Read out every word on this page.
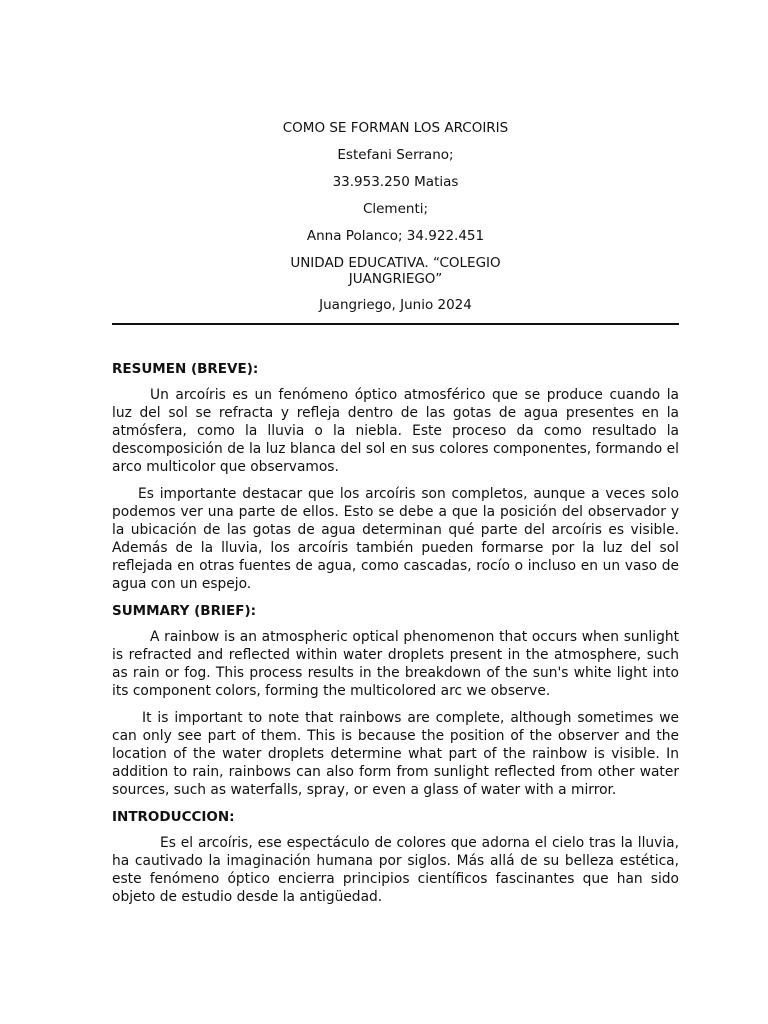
COMO SE FORMAN LOS ARCOIRIS
Estefani Serrano;
33.953.250 Matias
Clementi;
Anna Polanco; 34.922.451
UNIDAD EDUCATIVA. “COLEGIO JUANGRIEGO”
Juangriego, Junio 2024
RESUMEN (BREVE):

Un arcoíris es un fenómeno óptico atmosférico que se produce cuando la luz del sol se refracta y refleja dentro de las gotas de agua presentes en la atmósfera, como la lluvia o la niebla. Este proceso da como resultado la descomposición de la luz blanca del sol en sus colores componentes, formando el arco multicolor que observamos.

Es importante destacar que los arcoíris son completos, aunque a veces solo podemos ver una parte de ellos. Esto se debe a que la posición del observador y la ubicación de las gotas de agua determinan qué parte del arcoíris es visible. Además de la lluvia, los arcoíris también pueden formarse por la luz del sol reflejada en otras fuentes de agua, como cascadas, rocío o incluso en un vaso de agua con un espejo.

SUMMARY (BRIEF):

A rainbow is an atmospheric optical phenomenon that occurs when sunlight is refracted and reflected within water droplets present in the atmosphere, such as rain or fog. This process results in the breakdown of the sun's white light into its component colors, forming the multicolored arc we observe.

It is important to note that rainbows are complete, although sometimes we can only see part of them. This is because the position of the observer and the location of the water droplets determine what part of the rainbow is visible. In addition to rain, rainbows can also form from sunlight reflected from other water sources, such as waterfalls, spray, or even a glass of water with a mirror.

INTRODUCCION:

Es el arcoíris, ese espectáculo de colores que adorna el cielo tras la lluvia, ha cautivado la imaginación humana por siglos. Más allá de su belleza estética, este fenómeno óptico encierra principios científicos fascinantes que han sido objeto de estudio desde la antigüedad.
